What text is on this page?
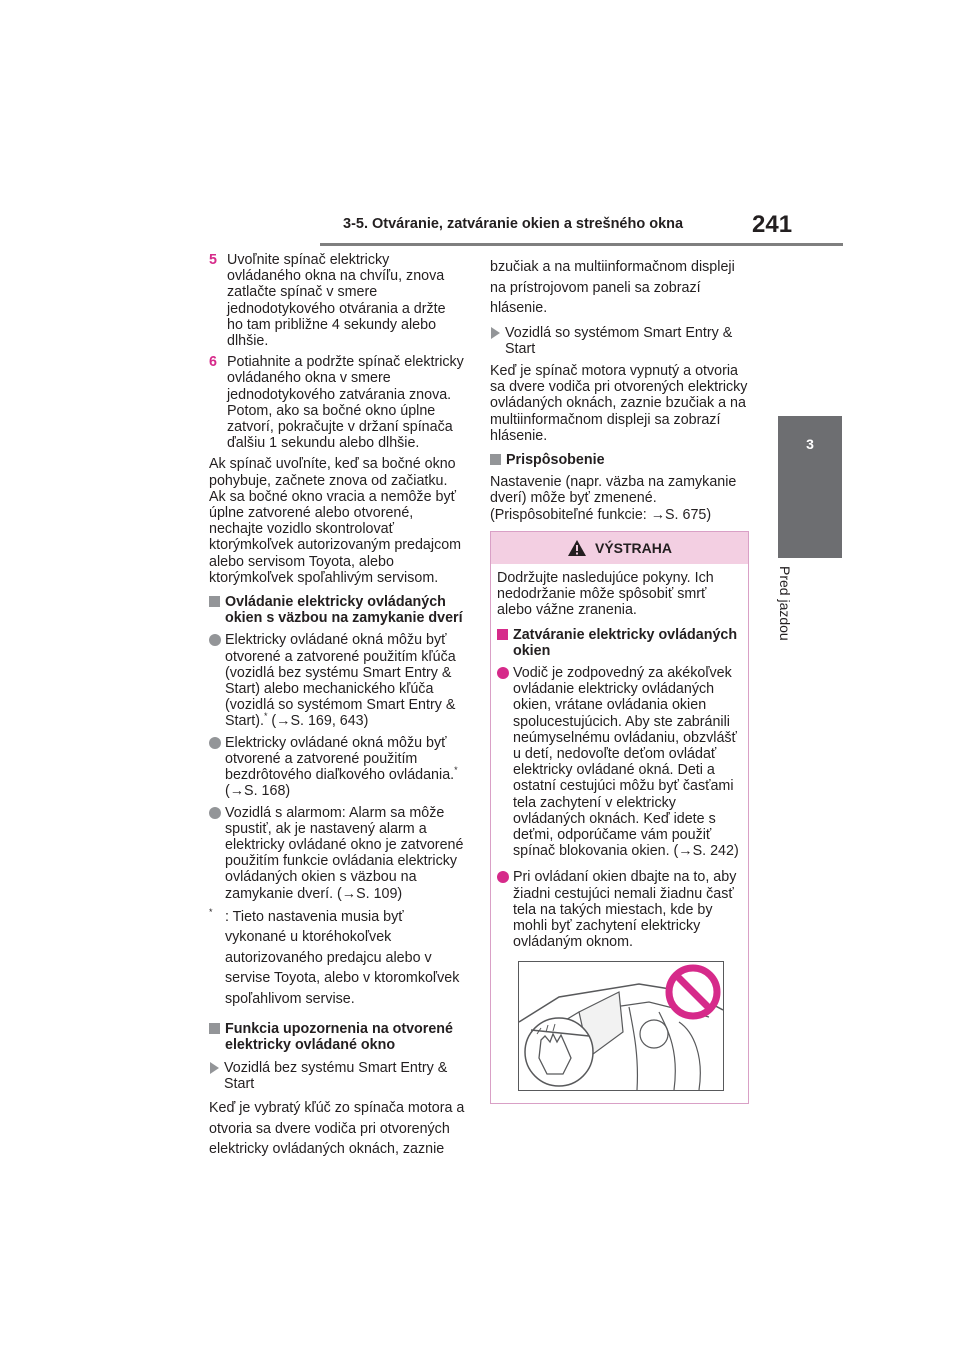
3-5. Otváranie, zatváranie okien a strešného okna	241
3
Pred jazdou
5 Uvoľnite spínač elektricky ovládaného okna na chvíľu, znova zatlačte spínač v smere jednodotykového otvárania a držte ho tam približne 4 sekundy alebo dlhšie.
6 Potiahnite a podržte spínač elektricky ovládaného okna v smere jednodotykového zatvárania znova. Potom, ako sa bočné okno úplne zatvorí, pokračujte v držaní spínača ďalšiu 1 sekundu alebo dlhšie.

Ak spínač uvoľníte, keď sa bočné okno pohybuje, začnete znova od začiatku. Ak sa bočné okno vracia a nemôže byť úplne zatvorené alebo otvorené, nechajte vozidlo skontrolovať ktorýmkoľvek autorizovaným predajcom alebo servisom Toyota, alebo ktorýmkoľvek spoľahlivým servisom.

Ovládanie elektricky ovládaných okien s väzbou na zamykanie dverí
Elektricky ovládané okná môžu byť otvorené a zatvorené použitím kľúča (vozidlá bez systému Smart Entry & Start) alebo mechanického kľúča (vozidlá so systémom Smart Entry & Start).* (→S. 169, 643)
Elektricky ovládané okná môžu byť otvorené a zatvorené použitím bezdrôtového diaľkového ovládania.*
(→S. 168)
Vozidlá s alarmom: Alarm sa môže spustiť, ak je nastavený alarm a elektricky ovládané okno je zatvorené použitím funkcie ovládania elektricky ovládaných okien s väzbou na zamykanie dverí. (→S. 109)
* : Tieto nastavenia musia byť vykonané u ktoréhokoľvek autorizovaného predajcu alebo v servise Toyota, alebo v ktoromkoľvek spoľahlivom servise.
Funkcia upozornenia na otvorené elektricky ovládané okno
Vozidlá bez systému Smart Entry & Start

Keď je vybratý kľúč zo spínača motora a otvoria sa dvere vodiča pri otvorených elektricky ovládaných oknách, zaznie

bzučiak a na multiinformačnom displeji na prístrojovom paneli sa zobrazí hlásenie.

Vozidlá so systémom Smart Entry & Start

Keď je spínač motora vypnutý a otvoria sa dvere vodiča pri otvorených elektricky ovládaných oknách, zaznie bzučiak a na multiinformačnom displeji sa zobrazí hlásenie.

Prispôsobenie

Nastavenie (napr. väzba na zamykanie dverí) môže byť zmenené. (Prispôsobiteľné funkcie: →S. 675)

VÝSTRAHA

Dodržujte nasledujúce pokyny. Ich nedodržanie môže spôsobiť smrť alebo vážne zranenia.

Zatváranie elektricky ovládaných okien
Vodič je zodpovedný za akékoľvek ovládanie elektricky ovládaných okien, vrátane ovládania okien spolucestujúcich. Aby ste zabránili neúmyselnému ovládaniu, obzvlášť u detí, nedovoľte deťom ovládať elektricky ovládané okná. Deti a ostatní cestujúci môžu byť časťami tela zachytení v elektricky ovládaných oknách. Keď idete s deťmi, odporúčame vám použiť spínač blokovania okien. (→S. 242)
Pri ovládaní okien dbajte na to, aby žiadni cestujúci nemali žiadnu časť tela na takých miestach, kde by mohli byť zachytení elektricky ovládaným oknom.
